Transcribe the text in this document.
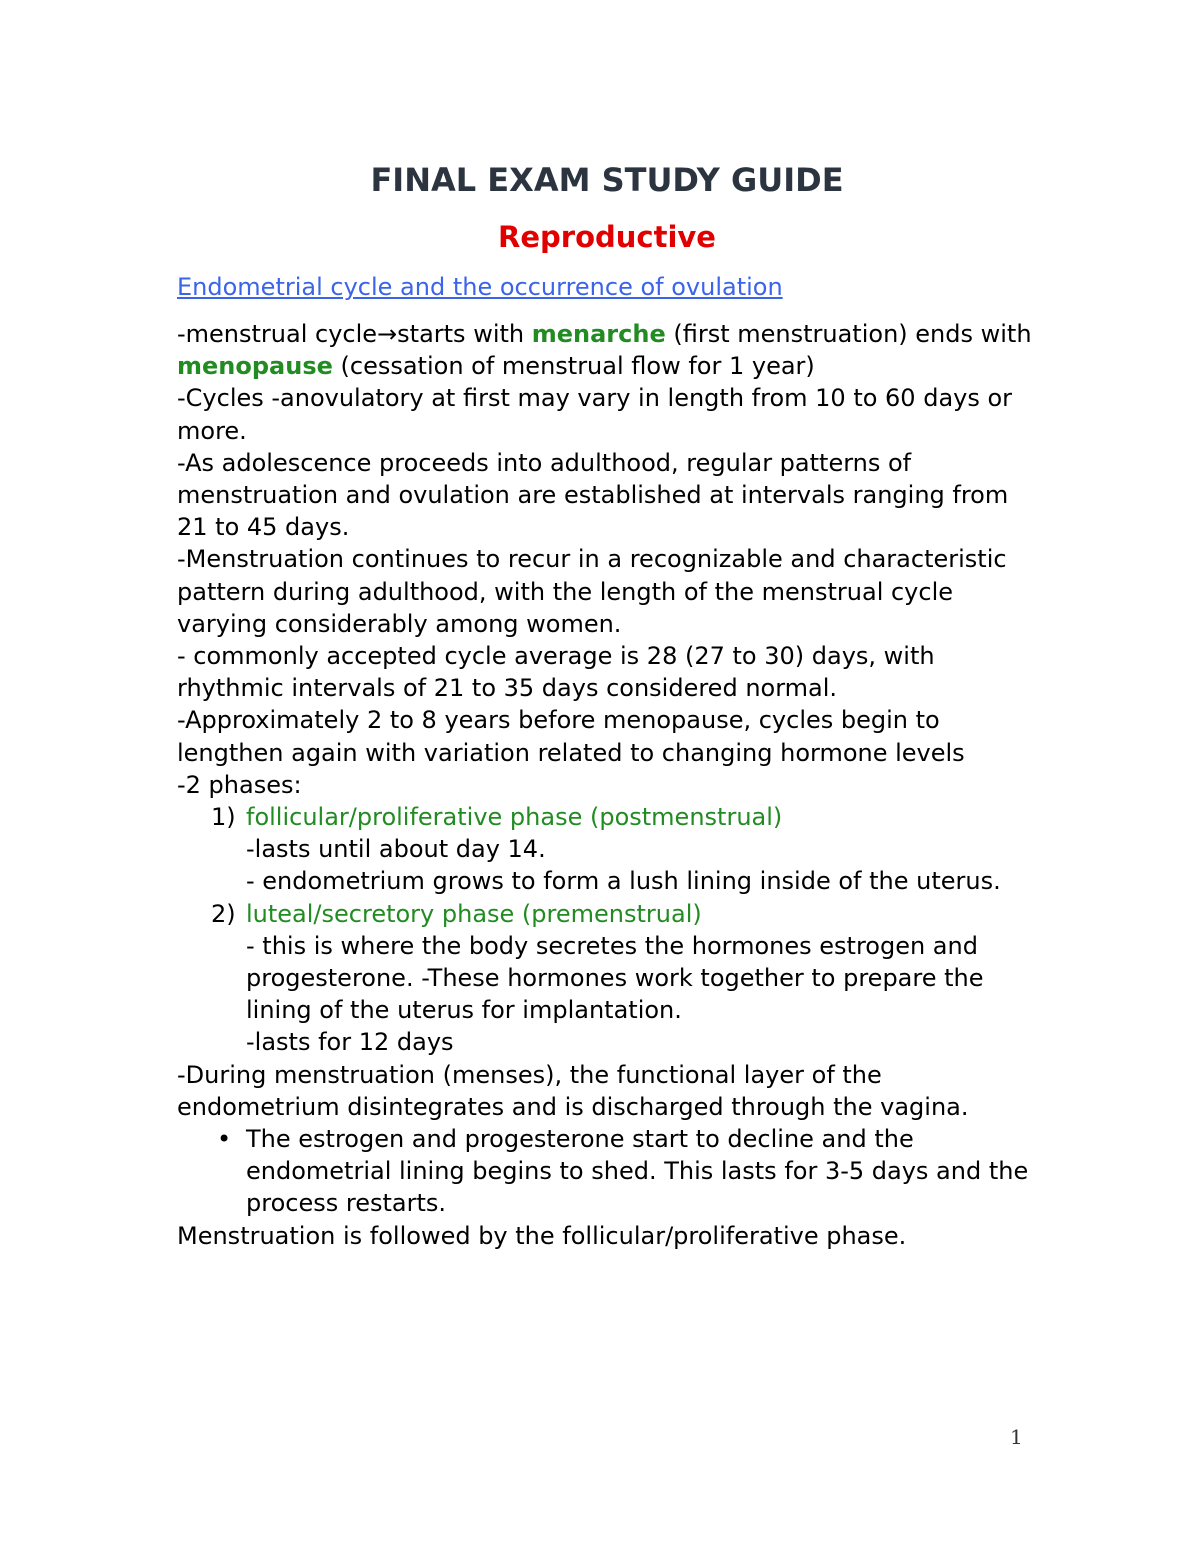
FINAL EXAM STUDY GUIDE
Reproductive
Endometrial cycle and the occurrence of ovulation

-menstrual cycle→starts with menarche (first menstruation) ends with menopause (cessation of menstrual flow for 1 year)

-Cycles -anovulatory at first may vary in length from 10 to 60 days or more.

-As adolescence proceeds into adulthood, regular patterns of menstruation and ovulation are established at intervals ranging from 21 to 45 days.

-Menstruation continues to recur in a recognizable and characteristic pattern during adulthood, with the length of the menstrual cycle varying considerably among women.

- commonly accepted cycle average is 28 (27 to 30) days, with rhythmic intervals of 21 to 35 days considered normal.

-Approximately 2 to 8 years before menopause, cycles begin to lengthen again with variation related to changing hormone levels

-2 phases:

1) follicular/proliferative phase (postmenstrual)

-lasts until about day 14.

- endometrium grows to form a lush lining inside of the uterus.

2) luteal/secretory phase (premenstrual)

- this is where the body secretes the hormones estrogen and progesterone. -These hormones work together to prepare the lining of the uterus for implantation.

-lasts for 12 days

-During menstruation (menses), the functional layer of the endometrium disintegrates and is discharged through the vagina.

• The estrogen and progesterone start to decline and the endometrial lining begins to shed. This lasts for 3-5 days and the process restarts.

Menstruation is followed by the follicular/proliferative phase.

1
